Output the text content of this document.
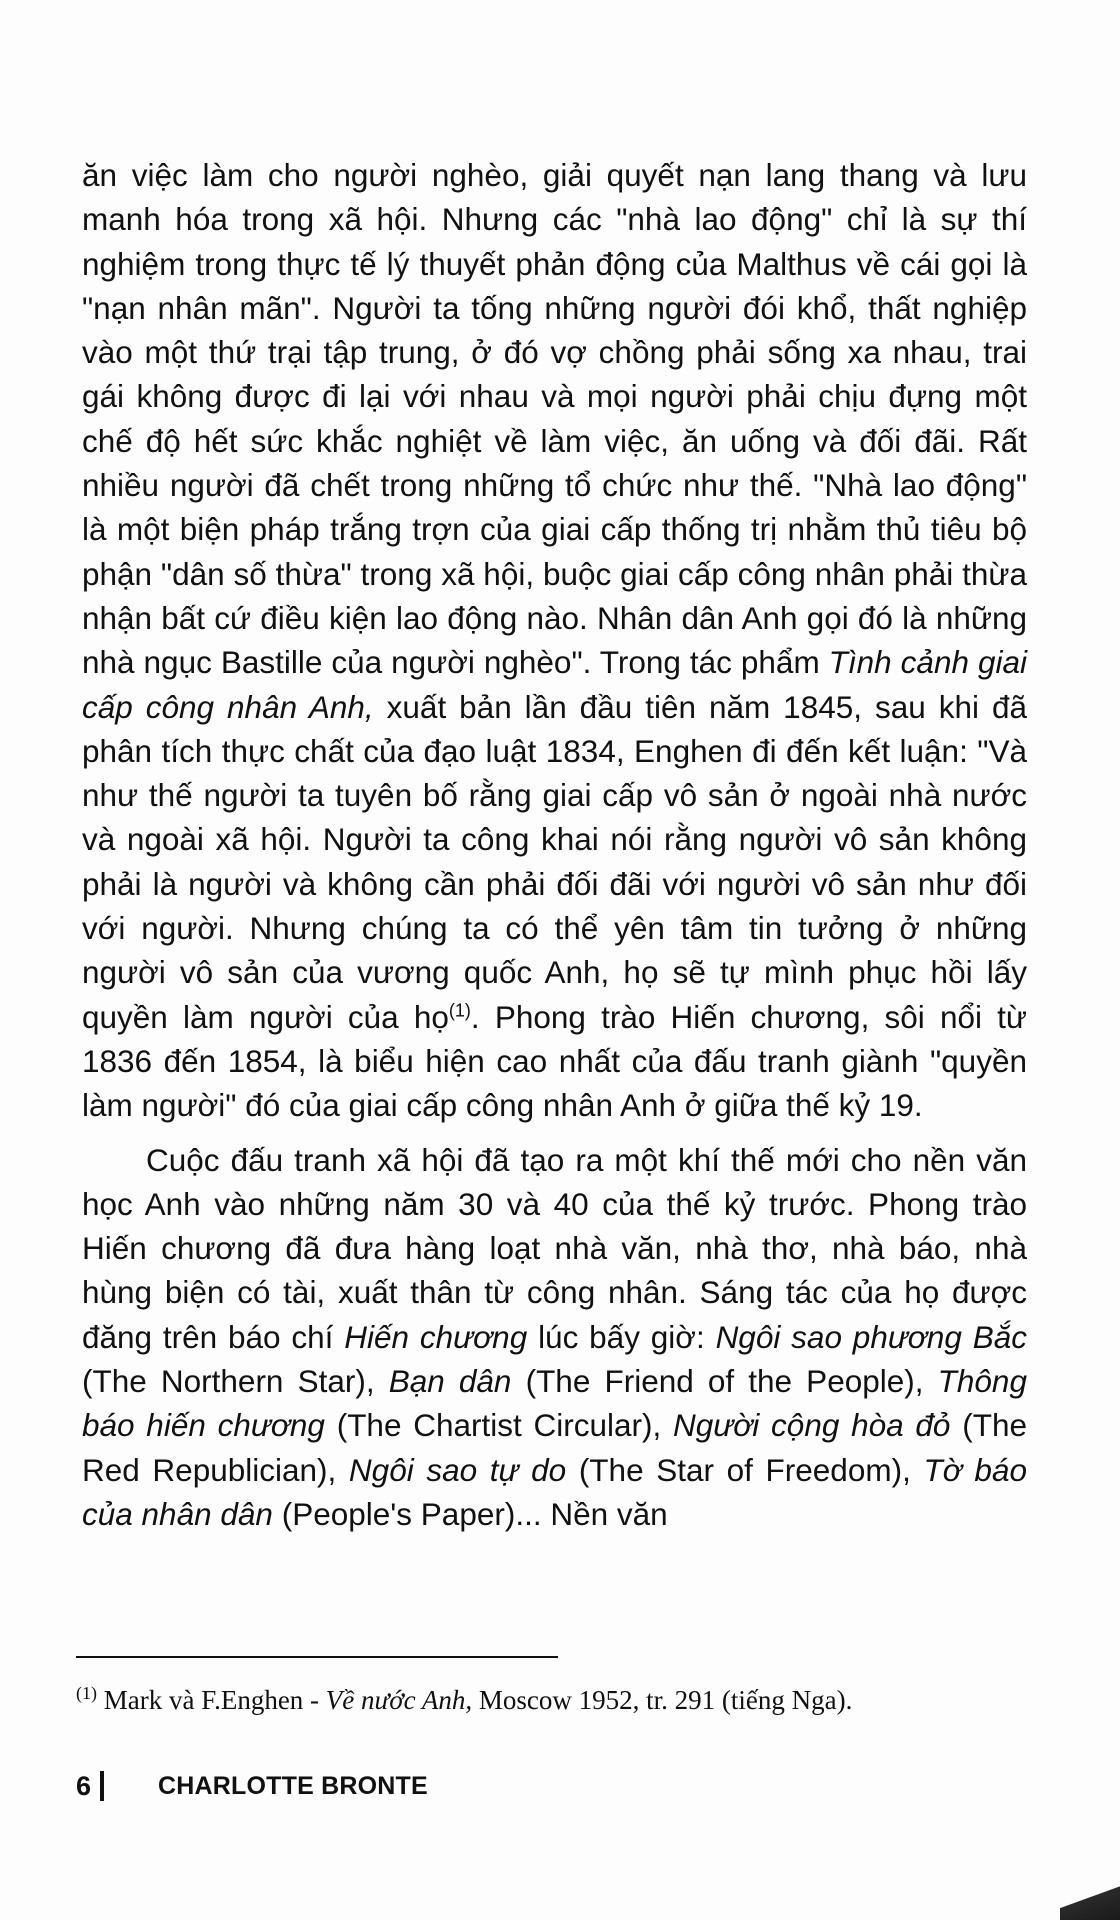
ăn việc làm cho người nghèo, giải quyết nạn lang thang và lưu manh hóa trong xã hội. Nhưng các "nhà lao động" chỉ là sự thí nghiệm trong thực tế lý thuyết phản động của Malthus về cái gọi là "nạn nhân mãn". Người ta tống những người đói khổ, thất nghiệp vào một thứ trại tập trung, ở đó vợ chồng phải sống xa nhau, trai gái không được đi lại với nhau và mọi người phải chịu đựng một chế độ hết sức khắc nghiệt về làm việc, ăn uống và đối đãi. Rất nhiều người đã chết trong những tổ chức như thế. "Nhà lao động" là một biện pháp trắng trợn của giai cấp thống trị nhằm thủ tiêu bộ phận "dân số thừa" trong xã hội, buộc giai cấp công nhân phải thừa nhận bất cứ điều kiện lao động nào. Nhân dân Anh gọi đó là những nhà ngục Bastille của người nghèo". Trong tác phẩm Tình cảnh giai cấp công nhân Anh, xuất bản lần đầu tiên năm 1845, sau khi đã phân tích thực chất của đạo luật 1834, Enghen đi đến kết luận: "Và như thế người ta tuyên bố rằng giai cấp vô sản ở ngoài nhà nước và ngoài xã hội. Người ta công khai nói rằng người vô sản không phải là người và không cần phải đối đãi với người vô sản như đối với người. Nhưng chúng ta có thể yên tâm tin tưởng ở những người vô sản của vương quốc Anh, họ sẽ tự mình phục hồi lấy quyền làm người của họ$^{(1)}$. Phong trào Hiến chương, sôi nổi từ 1836 đến 1854, là biểu hiện cao nhất của đấu tranh giành "quyền làm người" đó của giai cấp công nhân Anh ở giữa thế kỷ 19.

Cuộc đấu tranh xã hội đã tạo ra một khí thế mới cho nền văn học Anh vào những năm 30 và 40 của thế kỷ trước. Phong trào Hiến chương đã đưa hàng loạt nhà văn, nhà thơ, nhà báo, nhà hùng biện có tài, xuất thân từ công nhân. Sáng tác của họ được đăng trên báo chí Hiến chương lúc bấy giờ: Ngôi sao phương Bắc (The Northern Star), Bạn dân (The Friend of the People), Thông báo hiến chương (The Chartist Circular), Người cộng hòa đỏ (The Red Republician), Ngôi sao tự do (The Star of Freedom), Tờ báo của nhân dân (People's Paper)... Nền văn

$^{(1)}$ Mark và F.Enghen - Về nước Anh, Moscow 1952, tr. 291 (tiếng Nga).
6	CHARLOTTE BRONTE
